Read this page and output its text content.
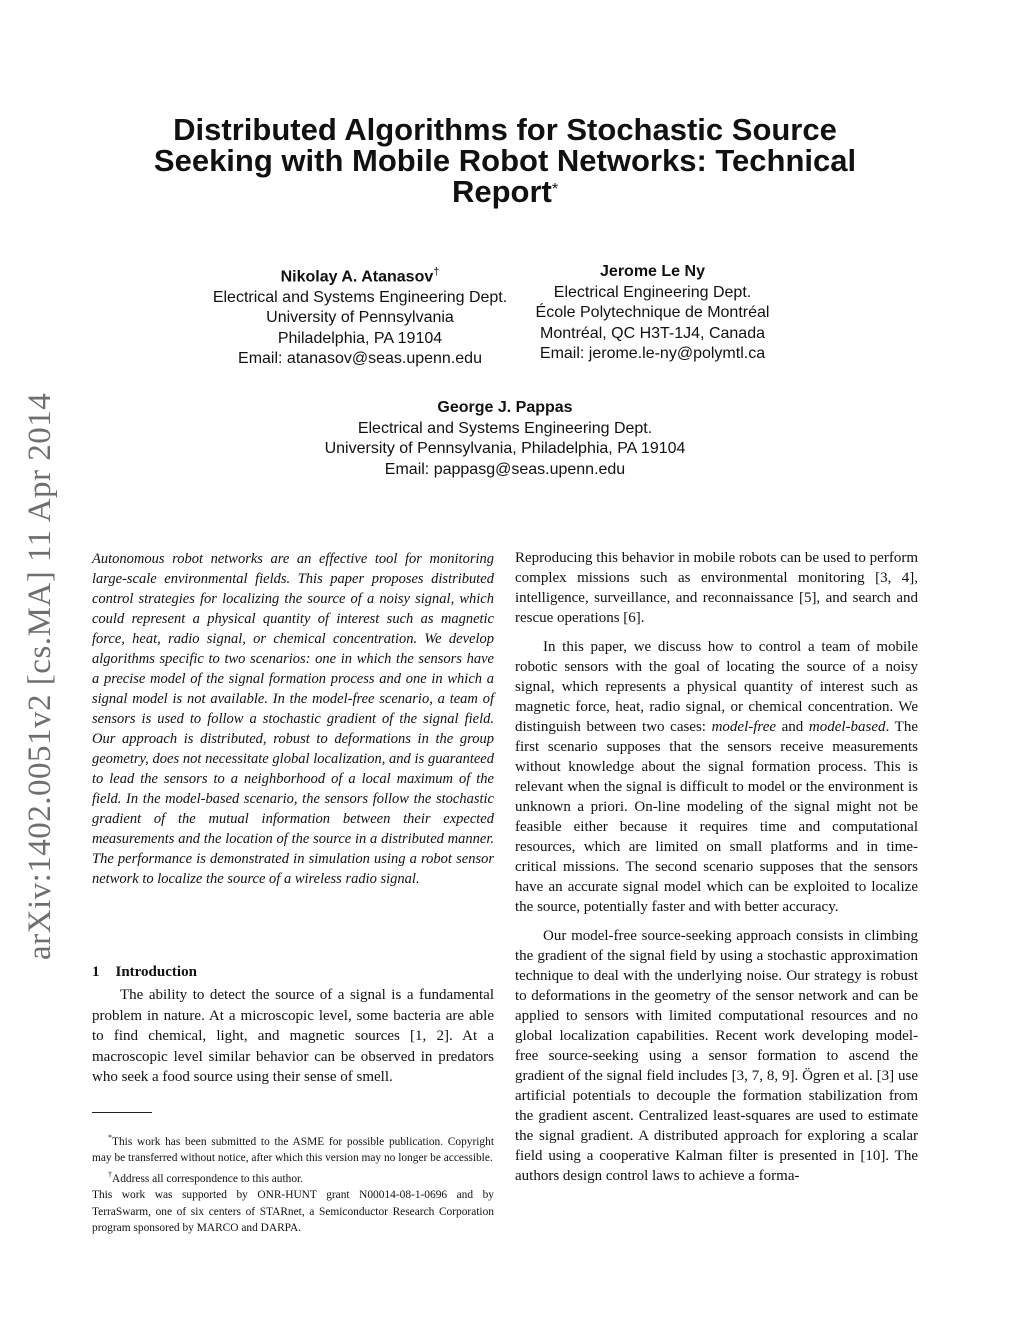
arXiv:1402.0051v2 [cs.MA] 11 Apr 2014
Distributed Algorithms for Stochastic Source
Seeking with Mobile Robot Networks: Technical
Report*
Nikolay A. Atanasov†
Electrical and Systems Engineering Dept.
University of Pennsylvania
Philadelphia, PA 19104
Email: atanasov@seas.upenn.edu
Jerome Le Ny
Electrical Engineering Dept.
École Polytechnique de Montréal
Montréal, QC H3T-1J4, Canada
Email: jerome.le-ny@polymtl.ca
George J. Pappas
Electrical and Systems Engineering Dept.
University of Pennsylvania, Philadelphia, PA 19104
Email: pappasg@seas.upenn.edu
Autonomous robot networks are an effective tool for monitoring large-scale environmental fields. This paper proposes distributed control strategies for localizing the source of a noisy signal, which could represent a physical quantity of interest such as magnetic force, heat, radio signal, or chemical concentration. We develop algorithms specific to two scenarios: one in which the sensors have a precise model of the signal formation process and one in which a signal model is not available. In the model-free scenario, a team of sensors is used to follow a stochastic gradient of the signal field. Our approach is distributed, robust to deformations in the group geometry, does not necessitate global localization, and is guaranteed to lead the sensors to a neighborhood of a local maximum of the field. In the model-based scenario, the sensors follow the stochastic gradient of the mutual information between their expected measurements and the location of the source in a distributed manner. The performance is demonstrated in simulation using a robot sensor network to localize the source of a wireless radio signal.
1 Introduction
The ability to detect the source of a signal is a fundamental problem in nature. At a microscopic level, some bacteria are able to find chemical, light, and magnetic sources [1, 2]. At a macroscopic level similar behavior can be observed in predators who seek a food source using their sense of smell.

*This work has been submitted to the ASME for possible publication. Copyright may be transferred without notice, after which this version may no longer be accessible.

†Address all correspondence to this author.

This work was supported by ONR-HUNT grant N00014-08-1-0696 and by TerraSwarm, one of six centers of STARnet, a Semiconductor Research Corporation program sponsored by MARCO and DARPA.

Reproducing this behavior in mobile robots can be used to perform complex missions such as environmental monitoring [3, 4], intelligence, surveillance, and reconnaissance [5], and search and rescue operations [6].

In this paper, we discuss how to control a team of mobile robotic sensors with the goal of locating the source of a noisy signal, which represents a physical quantity of interest such as magnetic force, heat, radio signal, or chemical concentration. We distinguish between two cases: model-free and model-based. The first scenario supposes that the sensors receive measurements without knowledge about the signal formation process. This is relevant when the signal is difficult to model or the environment is unknown a priori. On-line modeling of the signal might not be feasible either because it requires time and computational resources, which are limited on small platforms and in time-critical missions. The second scenario supposes that the sensors have an accurate signal model which can be exploited to localize the source, potentially faster and with better accuracy.

Our model-free source-seeking approach consists in climbing the gradient of the signal field by using a stochastic approximation technique to deal with the underlying noise. Our strategy is robust to deformations in the geometry of the sensor network and can be applied to sensors with limited computational resources and no global localization capabilities. Recent work developing model-free source-seeking using a sensor formation to ascend the gradient of the signal field includes [3, 7, 8, 9]. Ögren et al. [3] use artificial potentials to decouple the formation stabilization from the gradient ascent. Centralized least-squares are used to estimate the signal gradient. A distributed approach for exploring a scalar field using a cooperative Kalman filter is presented in [10]. The authors design control laws to achieve a forma-
